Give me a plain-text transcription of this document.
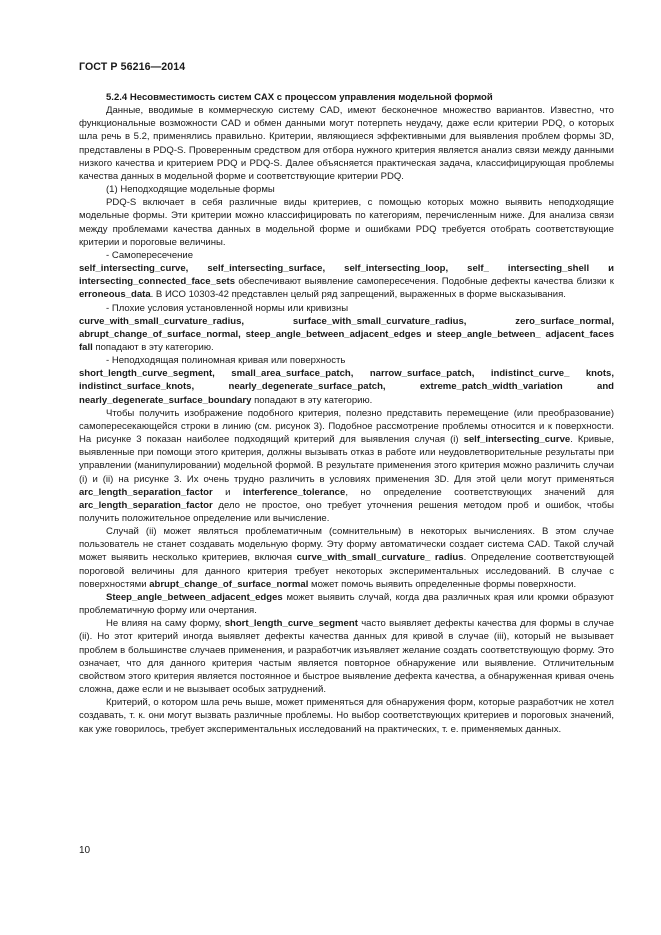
ГОСТ Р 56216—2014

5.2.4 Несовместимость систем САХ с процессом управления модельной формой

Данные, вводимые в коммерческую систему CAD, имеют бесконечное множество вариантов. Известно, что функциональные возможности CAD и обмен данными могут потерпеть неудачу, даже если критерии PDQ, о которых шла речь в 5.2, применялись правильно. Критерии, являющиеся эффективными для выявления проблем формы 3D, представлены в PDQ-S. Проверенным средством для отбора нужного критерия является анализ связи между данными низкого качества и критерием PDQ и PDQ-S. Далее объясняется практическая задача, классифицирующая проблемы качества данных в модельной форме и соответствующие критерии PDQ.

(1) Неподходящие модельные формы

PDQ-S включает в себя различные виды критериев, с помощью которых можно выявить неподходящие модельные формы. Эти критерии можно классифицировать по категориям, перечисленным ниже. Для анализа связи между проблемами качества данных в модельной форме и ошибками PDQ требуется отобрать соответствующие критерии и пороговые величины.

- Самопересечение

self_intersecting_curve, self_intersecting_surface, self_intersecting_loop, self_ intersecting_shell и intersecting_connected_face_sets обеспечивают выявление самопересечения. Подобные дефекты качества близки к erroneous_data. В ИСО 10303-42 представлен целый ряд запрещений, выраженных в форме высказывания.

- Плохие условия установленной нормы или кривизны

curve_with_small_curvature_radius, surface_with_small_curvature_radius, zero_surface_normal, abrupt_change_of_surface_normal, steep_angle_between_adjacent_edges и steep_angle_between_ adjacent_faces fall попадают в эту категорию.

- Неподходящая полиномная кривая или поверхность

short_length_curve_segment, small_area_surface_patch, narrow_surface_patch, indistinct_curve_ knots, indistinct_surface_knots, nearly_degenerate_surface_patch, extreme_patch_width_variation and nearly_degenerate_surface_boundary попадают в эту категорию.

Чтобы получить изображение подобного критерия, полезно представить перемещение (или преобразование) самопересекающейся строки в линию (см. рисунок 3). Подобное рассмотрение проблемы относится и к поверхности. На рисунке 3 показан наиболее подходящий критерий для выявления случая (i) self_intersecting_curve. Кривые, выявленные при помощи этого критерия, должны вызывать отказ в работе или неудовлетворительные результаты при управлении (манипулировании) модельной формой. В результате применения этого критерия можно различить случаи (i) и (ii) на рисунке 3. Их очень трудно различить в условиях применения 3D. Для этой цели могут применяться arc_length_separation_factor и interference_tolerance, но определение соответствующих значений для arc_length_separation_factor дело не простое, оно требует уточнения решения методом проб и ошибок, чтобы получить положительное определение или вычисление.

Случай (ii) может являться проблематичным (сомнительным) в некоторых вычислениях. В этом случае пользователь не станет создавать модельную форму. Эту форму автоматически создает система CAD. Такой случай может выявить несколько критериев, включая curve_with_small_curvature_ radius. Определение соответствующей пороговой величины для данного критерия требует некоторых экспериментальных исследований. В случае с поверхностями abrupt_change_of_surface_normal может помочь выявить определенные формы поверхности.

Steep_angle_between_adjacent_edges может выявить случай, когда два различных края или кромки образуют проблематичную форму или очертания.

Не влияя на саму форму, short_length_curve_segment часто выявляет дефекты качества для формы в случае (ii). Но этот критерий иногда выявляет дефекты качества данных для кривой в случае (iii), который не вызывает проблем в большинстве случаев применения, и разработчик изъявляет желание создать соответствующую форму. Это означает, что для данного критерия частым является повторное обнаружение или выявление. Отличительным свойством этого критерия является постоянное и быстрое выявление дефекта качества, а обнаруженная кривая очень сложна, даже если и не вызывает особых затруднений.

Критерий, о котором шла речь выше, может применяться для обнаружения форм, которые разработчик не хотел создавать, т. к. они могут вызвать различные проблемы. Но выбор соответствующих критериев и пороговых значений, как уже говорилось, требует экспериментальных исследований на практических, т. е. применяемых данных.

10
